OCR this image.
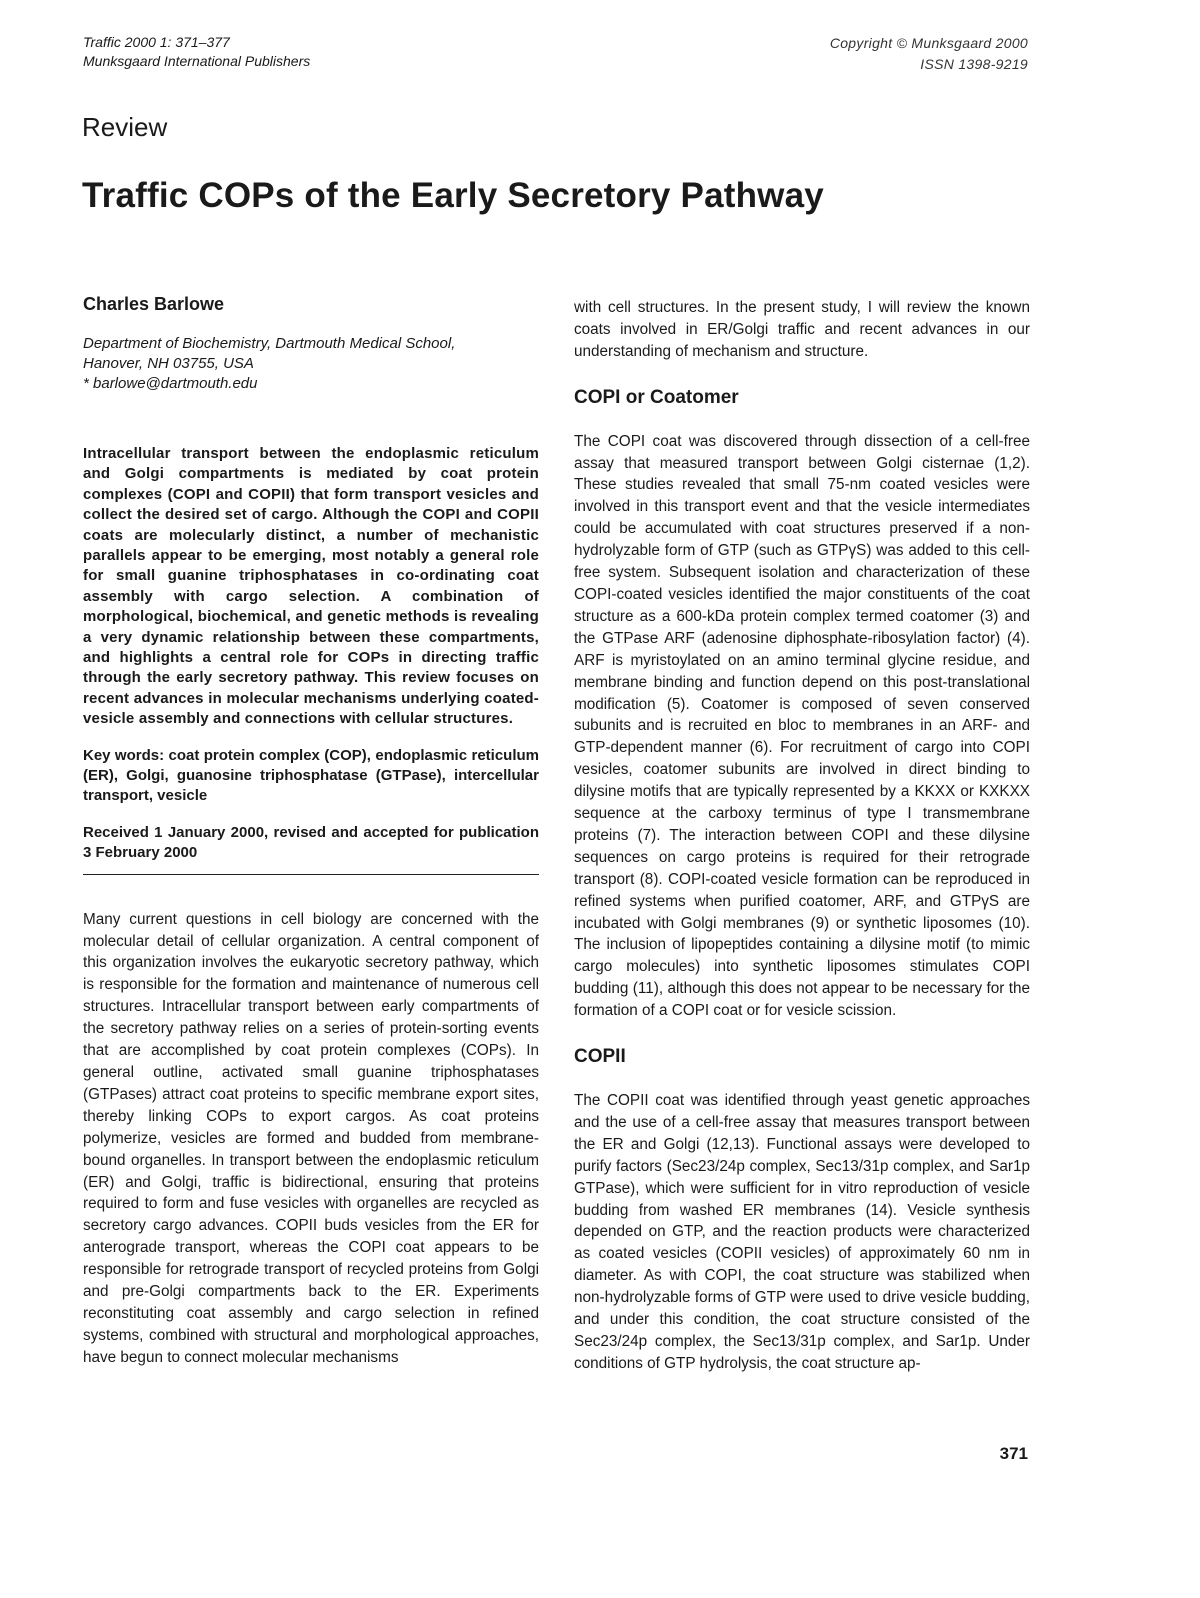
Traffic 2000 1: 371–377
Munksgaard International Publishers
Copyright © Munksgaard 2000
ISSN 1398-9219
Review
Traffic COPs of the Early Secretory Pathway
Charles Barlowe
Department of Biochemistry, Dartmouth Medical School,
Hanover, NH 03755, USA
* barlowe@dartmouth.edu

Intracellular transport between the endoplasmic reticulum and Golgi compartments is mediated by coat protein complexes (COPI and COPII) that form transport vesicles and collect the desired set of cargo. Although the COPI and COPII coats are molecularly distinct, a number of mechanistic parallels appear to be emerging, most notably a general role for small guanine triphosphatases in co-ordinating coat assembly with cargo selection. A combination of morphological, biochemical, and genetic methods is revealing a very dynamic relationship between these compartments, and highlights a central role for COPs in directing traffic through the early secretory pathway. This review focuses on recent advances in molecular mechanisms underlying coated-vesicle assembly and connections with cellular structures.

Key words: coat protein complex (COP), endoplasmic reticulum (ER), Golgi, guanosine triphosphatase (GTPase), intercellular transport, vesicle

Received 1 January 2000, revised and accepted for publication 3 February 2000

Many current questions in cell biology are concerned with the molecular detail of cellular organization. A central component of this organization involves the eukaryotic secretory pathway, which is responsible for the formation and maintenance of numerous cell structures. Intracellular transport between early compartments of the secretory pathway relies on a series of protein-sorting events that are accomplished by coat protein complexes (COPs). In general outline, activated small guanine triphosphatases (GTPases) attract coat proteins to specific membrane export sites, thereby linking COPs to export cargos. As coat proteins polymerize, vesicles are formed and budded from membrane-bound organelles. In transport between the endoplasmic reticulum (ER) and Golgi, traffic is bidirectional, ensuring that proteins required to form and fuse vesicles with organelles are recycled as secretory cargo advances. COPII buds vesicles from the ER for anterograde transport, whereas the COPI coat appears to be responsible for retrograde transport of recycled proteins from Golgi and pre-Golgi compartments back to the ER. Experiments reconstituting coat assembly and cargo selection in refined systems, combined with structural and morphological approaches, have begun to connect molecular mechanisms

with cell structures. In the present study, I will review the known coats involved in ER/Golgi traffic and recent advances in our understanding of mechanism and structure.

COPI or Coatomer

The COPI coat was discovered through dissection of a cell-free assay that measured transport between Golgi cisternae (1,2). These studies revealed that small 75-nm coated vesicles were involved in this transport event and that the vesicle intermediates could be accumulated with coat structures preserved if a non-hydrolyzable form of GTP (such as GTPγS) was added to this cell-free system. Subsequent isolation and characterization of these COPI-coated vesicles identified the major constituents of the coat structure as a 600-kDa protein complex termed coatomer (3) and the GTPase ARF (adenosine diphosphate-ribosylation factor) (4). ARF is myristoylated on an amino terminal glycine residue, and membrane binding and function depend on this post-translational modification (5). Coatomer is composed of seven conserved subunits and is recruited en bloc to membranes in an ARF- and GTP-dependent manner (6). For recruitment of cargo into COPI vesicles, coatomer subunits are involved in direct binding to dilysine motifs that are typically represented by a KKXX or KXKXX sequence at the carboxy terminus of type I transmembrane proteins (7). The interaction between COPI and these dilysine sequences on cargo proteins is required for their retrograde transport (8). COPI-coated vesicle formation can be reproduced in refined systems when purified coatomer, ARF, and GTPγS are incubated with Golgi membranes (9) or synthetic liposomes (10). The inclusion of lipopeptides containing a dilysine motif (to mimic cargo molecules) into synthetic liposomes stimulates COPI budding (11), although this does not appear to be necessary for the formation of a COPI coat or for vesicle scission.

COPII

The COPII coat was identified through yeast genetic approaches and the use of a cell-free assay that measures transport between the ER and Golgi (12,13). Functional assays were developed to purify factors (Sec23/24p complex, Sec13/31p complex, and Sar1p GTPase), which were sufficient for in vitro reproduction of vesicle budding from washed ER membranes (14). Vesicle synthesis depended on GTP, and the reaction products were characterized as coated vesicles (COPII vesicles) of approximately 60 nm in diameter. As with COPI, the coat structure was stabilized when non-hydrolyzable forms of GTP were used to drive vesicle budding, and under this condition, the coat structure consisted of the Sec23/24p complex, the Sec13/31p complex, and Sar1p. Under conditions of GTP hydrolysis, the coat structure ap-

371
